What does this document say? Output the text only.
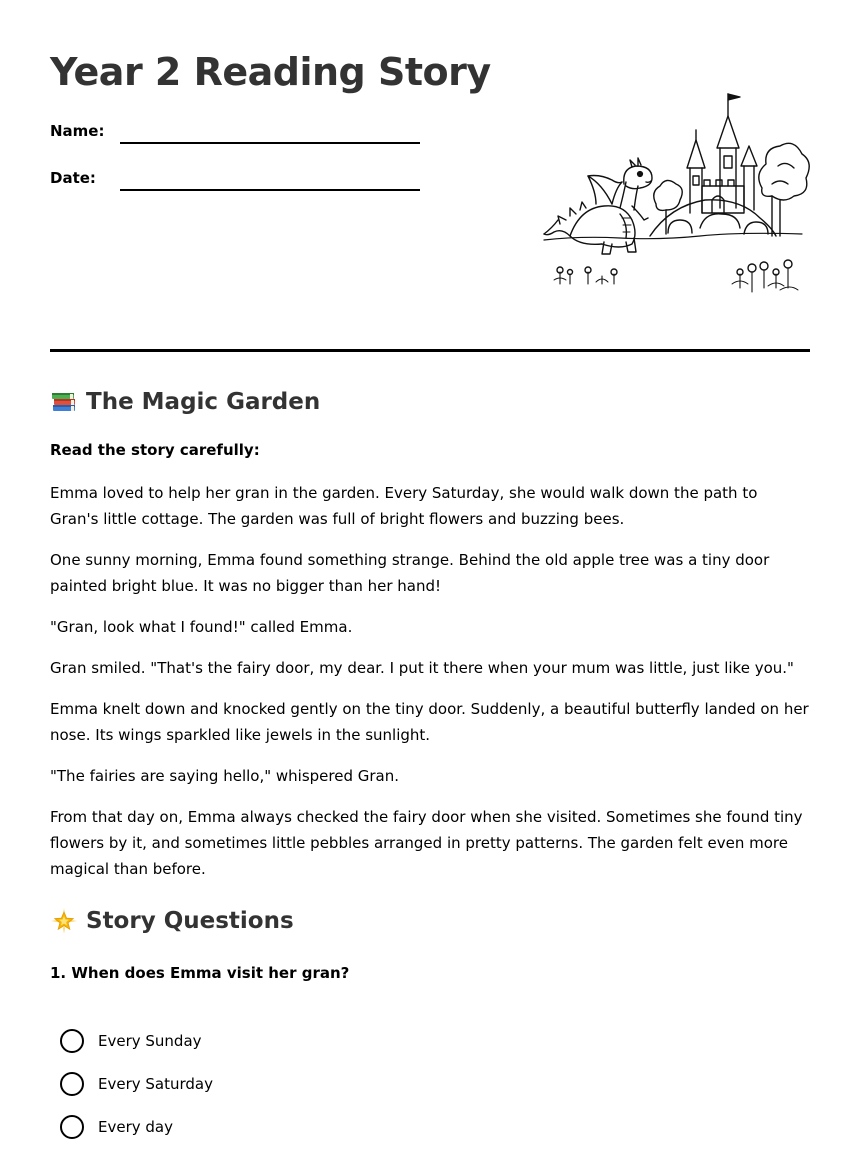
Year 2 Reading Story
Name:
Date:
The Magic Garden
Read the story carefully:

Emma loved to help her gran in the garden. Every Saturday, she would walk down the path to Gran's little cottage. The garden was full of bright flowers and buzzing bees.

One sunny morning, Emma found something strange. Behind the old apple tree was a tiny door painted bright blue. It was no bigger than her hand!

"Gran, look what I found!" called Emma.

Gran smiled. "That's the fairy door, my dear. I put it there when your mum was little, just like you."

Emma knelt down and knocked gently on the tiny door. Suddenly, a beautiful butterfly landed on her nose. Its wings sparkled like jewels in the sunlight.

"The fairies are saying hello," whispered Gran.

From that day on, Emma always checked the fairy door when she visited. Sometimes she found tiny flowers by it, and sometimes little pebbles arranged in pretty patterns. The garden felt even more magical than before.

Story Questions
1. When does Emma visit her gran?
Every Sunday
Every Saturday
Every day
